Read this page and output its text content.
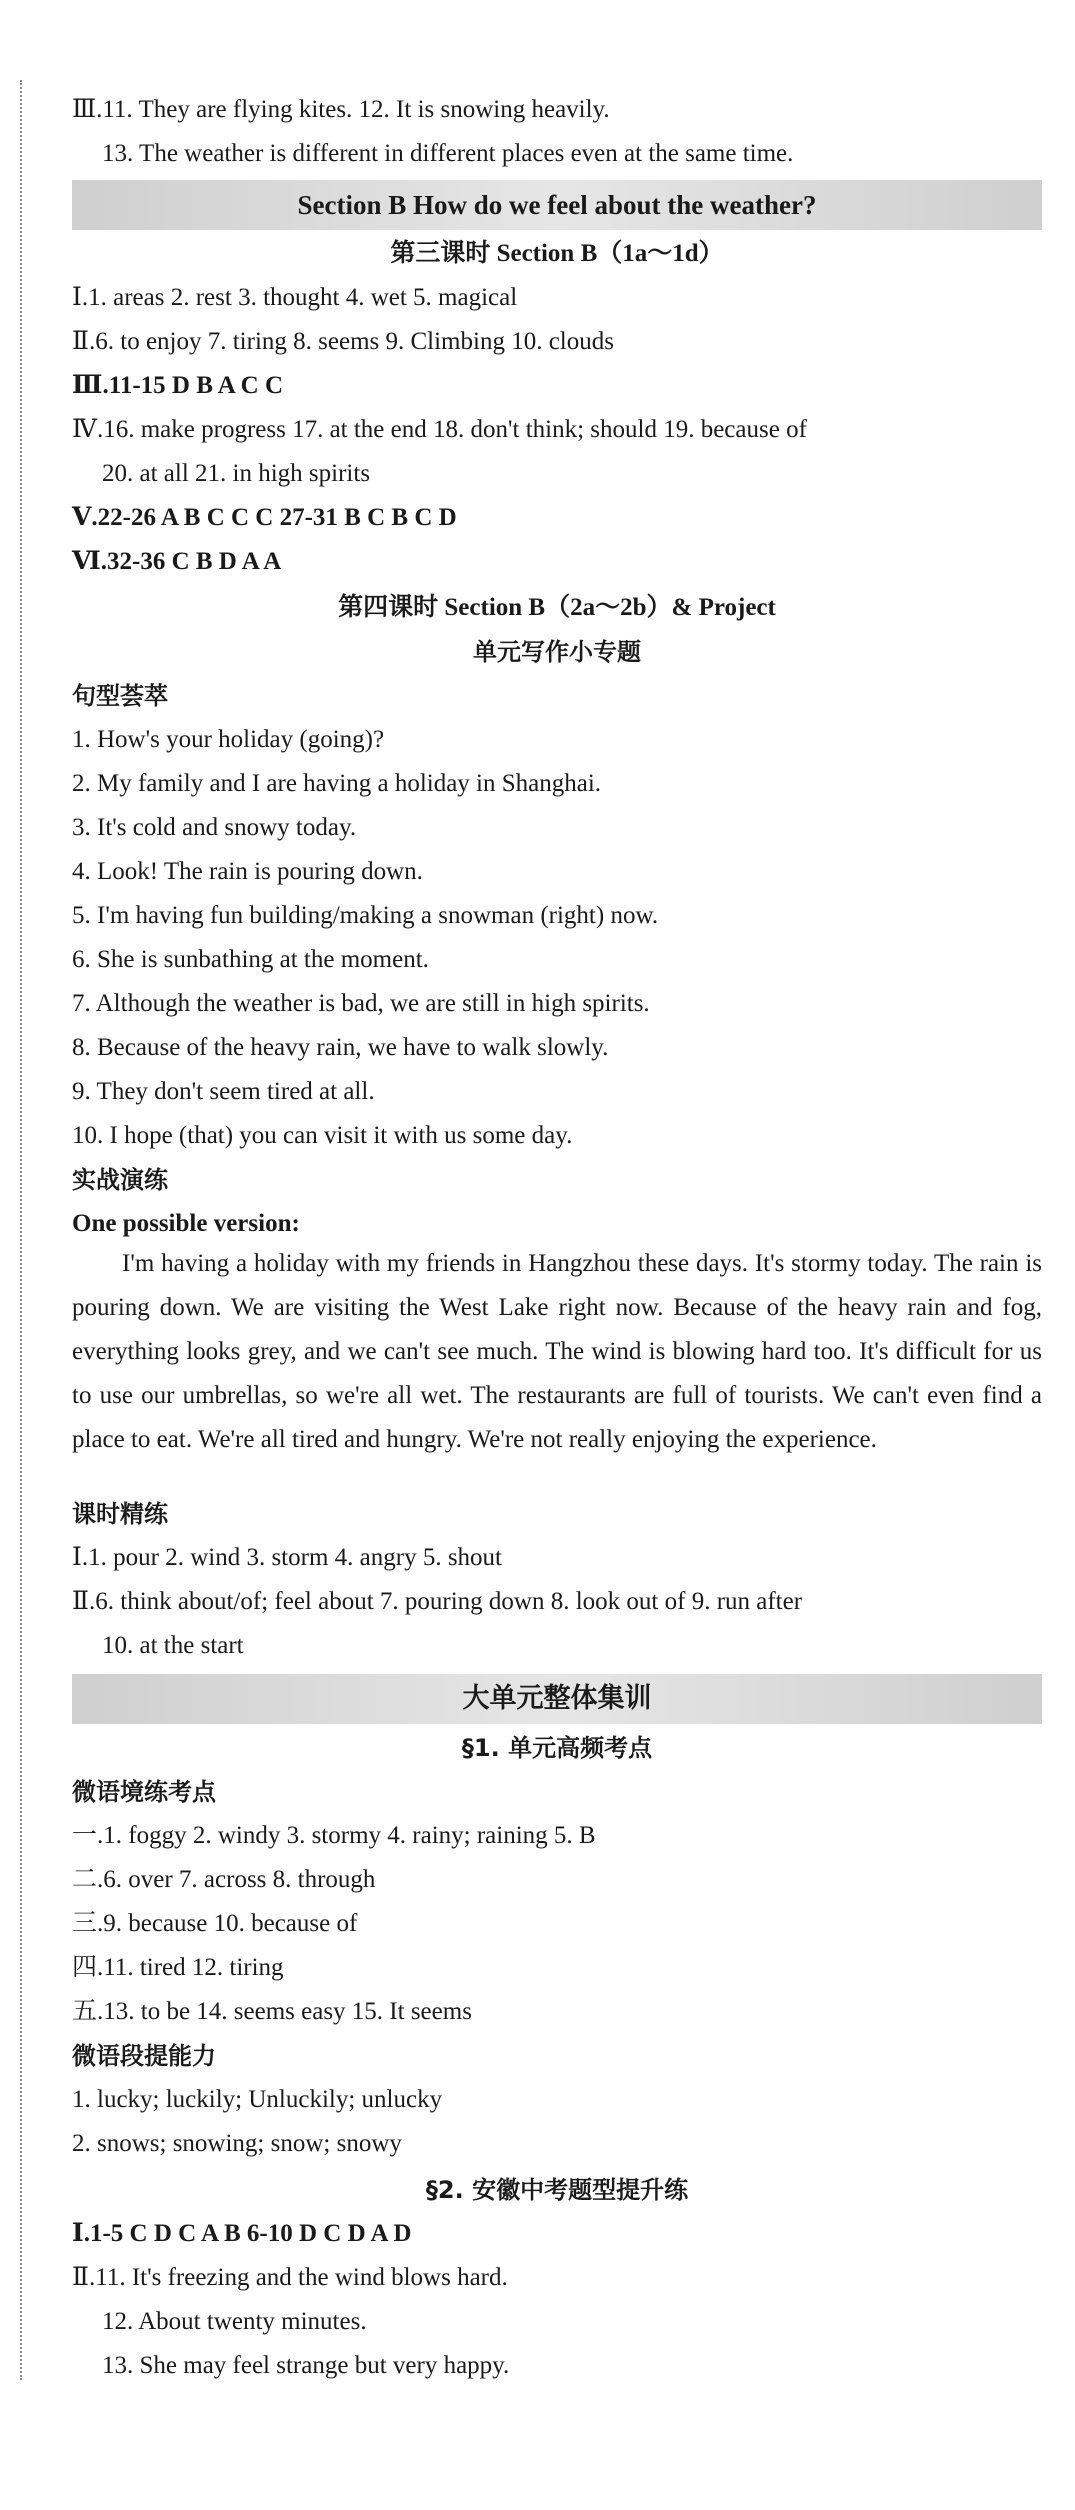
Ⅲ.11. They are flying kites. 12. It is snowing heavily.
13. The weather is different in different places even at the same time.
Section B How do we feel about the weather?
第三课时 Section B（1a～1d）
Ⅰ.1. areas 2. rest 3. thought 4. wet 5. magical
Ⅱ.6. to enjoy 7. tiring 8. seems 9. Climbing 10. clouds
Ⅲ.11-15 D B A C C
Ⅳ.16. make progress 17. at the end 18. don't think; should 19. because of
20. at all 21. in high spirits
Ⅴ.22-26 A B C C C 27-31 B C B C D
Ⅵ.32-36 C B D A A
第四课时 Section B（2a～2b）& Project
单元写作小专题
句型荟萃
1. How's your holiday (going)?
2. My family and I are having a holiday in Shanghai.
3. It's cold and snowy today.
4. Look! The rain is pouring down.
5. I'm having fun building/making a snowman (right) now.
6. She is sunbathing at the moment.
7. Although the weather is bad, we are still in high spirits.
8. Because of the heavy rain, we have to walk slowly.
9. They don't seem tired at all.
10. I hope (that) you can visit it with us some day.
实战演练
One possible version:
I'm having a holiday with my friends in Hangzhou these days. It's stormy today. The rain is pouring down. We are visiting the West Lake right now. Because of the heavy rain and fog, everything looks grey, and we can't see much. The wind is blowing hard too. It's difficult for us to use our umbrellas, so we're all wet. The restaurants are full of tourists. We can't even find a place to eat. We're all tired and hungry. We're not really enjoying the experience.
课时精练
Ⅰ.1. pour 2. wind 3. storm 4. angry 5. shout
Ⅱ.6. think about/of; feel about 7. pouring down 8. look out of 9. run after
10. at the start
大单元整体集训
§1. 单元高频考点
微语境练考点
一.1. foggy 2. windy 3. stormy 4. rainy; raining 5. B
二.6. over 7. across 8. through
三.9. because 10. because of
四.11. tired 12. tiring
五.13. to be 14. seems easy 15. It seems
微语段提能力
1. lucky; luckily; Unluckily; unlucky
2. snows; snowing; snow; snowy
§2. 安徽中考题型提升练
Ⅰ.1-5 C D C A B 6-10 D C D A D
Ⅱ.11. It's freezing and the wind blows hard.
12. About twenty minutes.
13. She may feel strange but very happy.
